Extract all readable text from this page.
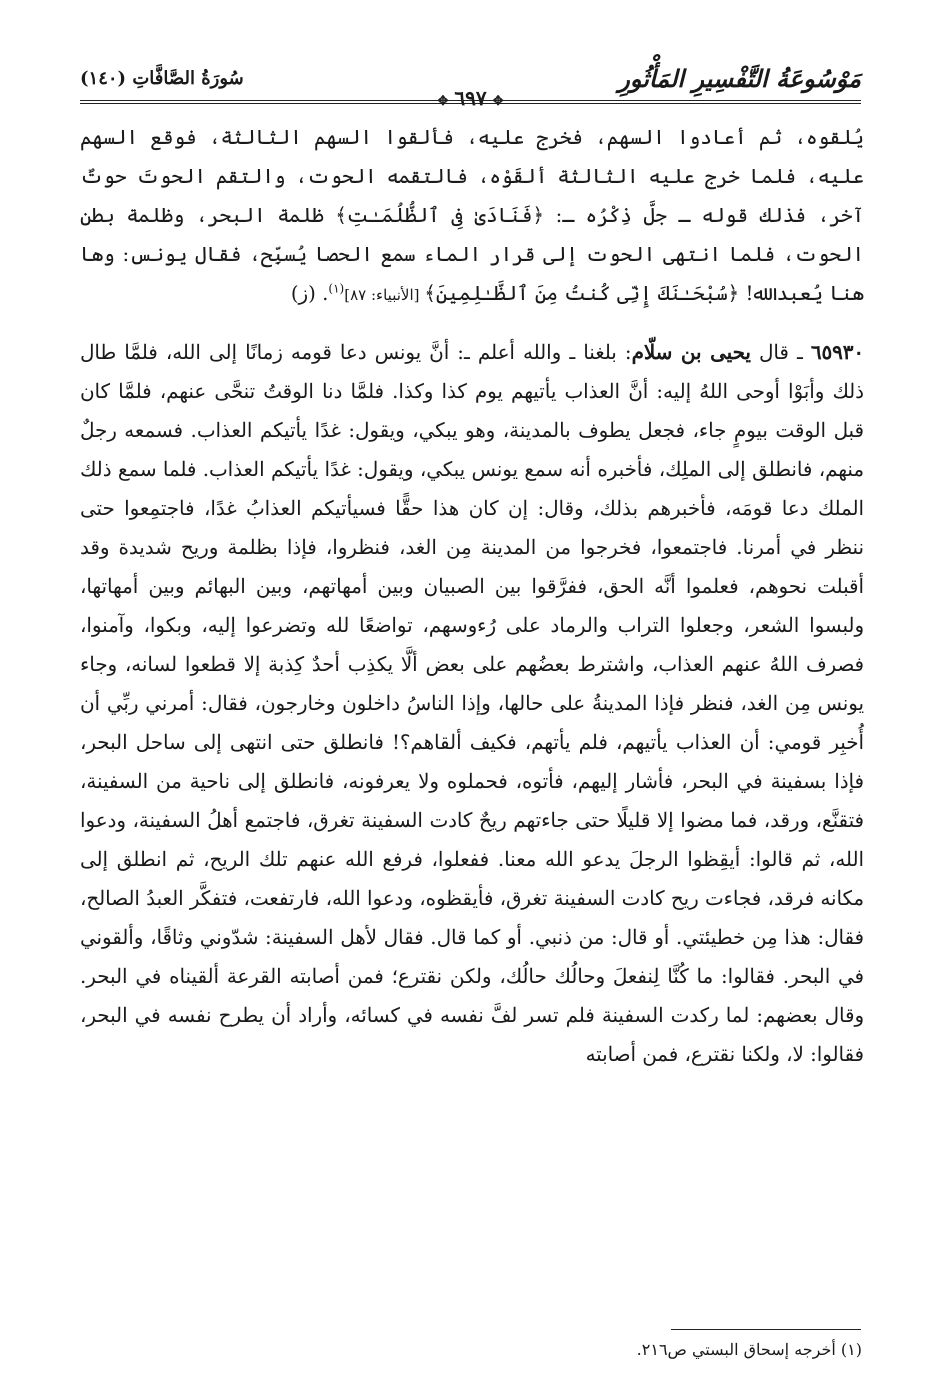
مَوْسُوعَةُ التَّفْسِيرِ المَأْثُورِ
✥٦٩٧✥
سُورَةُ الصَّافَّاتِ (١٤٠)

يُلقوه، ثم أعادوا السهم، فخرج عليه، فألقوا السهم الثالثة، فوقع السهم عليه، فلما خرج عليه الثالثة ألقَوْه، فالتقمه الحوت، والتقم الحوتَ حوتٌ آخر، فذلك قوله ـ جلَّ ذِكْرُه ـ: ﴿فَنَادَىٰ فِى ٱلظُّلُمَـٰتِ﴾ ظلمة البحر، وظلمة بطن الحوت، فلما انتهى الحوت إلى قرار الماء سمع الحصا يُسبِّح، فقال يونس: وها هنا يُعبدالله! ﴿سُبْحَـٰنَكَ إِنِّى كُنتُ مِنَ ٱلظَّـٰلِمِينَ﴾ [الأنبياء: ٨٧]$^{(١)}$. (ز)

٦٥٩٣٠ ـ قال يحيى بن سلّام: بلغنا ـ والله أعلم ـ: أنَّ يونس دعا قومه زمانًا إلى الله، فلمَّا طال ذلك وأبَوْا أوحى اللهُ إليه: أنَّ العذاب يأتيهم يوم كذا وكذا. فلمَّا دنا الوقتُ تنحَّى عنهم، فلمَّا كان قبل الوقت بيومٍ جاء، فجعل يطوف بالمدينة، وهو يبكي، ويقول: غدًا يأتيكم العذاب. فسمعه رجلٌ منهم، فانطلق إلى الملِك، فأخبره أنه سمع يونس يبكي، ويقول: غدًا يأتيكم العذاب. فلما سمع ذلك الملك دعا قومَه، فأخبرهم بذلك، وقال: إن كان هذا حقًّا فسيأتيكم العذابُ غدًا، فاجتمِعوا حتى ننظر في أمرنا. فاجتمعوا، فخرجوا من المدينة مِن الغد، فنظروا، فإذا بظلمة وريح شديدة وقد أقبلت نحوهم، فعلموا أنَّه الحق، ففرَّقوا بين الصبيان وبين أمهاتهم، وبين البهائم وبين أمهاتها، ولبسوا الشعر، وجعلوا التراب والرماد على رُءوسهم، تواضعًا لله وتضرعوا إليه، وبكوا، وآمنوا، فصرف اللهُ عنهم العذاب، واشترط بعضُهم على بعض ألَّا يكذِب أحدٌ كِذبة إلا قطعوا لسانه، وجاء يونس مِن الغد، فنظر فإذا المدينةُ على حالها، وإذا الناسُ داخلون وخارجون، فقال: أمرني ربِّي أن أُخبِر قومي: أن العذاب يأتيهم، فلم يأتهم، فكيف ألقاهم؟! فانطلق حتى انتهى إلى ساحل البحر، فإذا بسفينة في البحر، فأشار إليهم، فأتوه، فحملوه ولا يعرفونه، فانطلق إلى ناحية من السفينة، فتقنَّع، ورقد، فما مضوا إلا قليلًا حتى جاءتهم ريحٌ كادت السفينة تغرق، فاجتمع أهلُ السفينة، ودعوا الله، ثم قالوا: أيقِظوا الرجلَ يدعو الله معنا. ففعلوا، فرفع الله عنهم تلك الريح، ثم انطلق إلى مكانه فرقد، فجاءت ريح كادت السفينة تغرق، فأيقظوه، ودعوا الله، فارتفعت، فتفكَّر العبدُ الصالح، فقال: هذا مِن خطيئتي. أو قال: من ذنبي. أو كما قال. فقال لأهل السفينة: شدّوني وثاقًا، وألقوني في البحر. فقالوا: ما كُنَّا لِنفعلَ وحالُك حالُك، ولكن نقترع؛ فمن أصابته القرعة ألقيناه في البحر. وقال بعضهم: لما ركدت السفينة فلم تسر لفَّ نفسه في كسائه، وأراد أن يطرح نفسه في البحر، فقالوا: لا، ولكنا نقترع، فمن أصابته

(١) أخرجه إسحاق البستي ص٢١٦.
